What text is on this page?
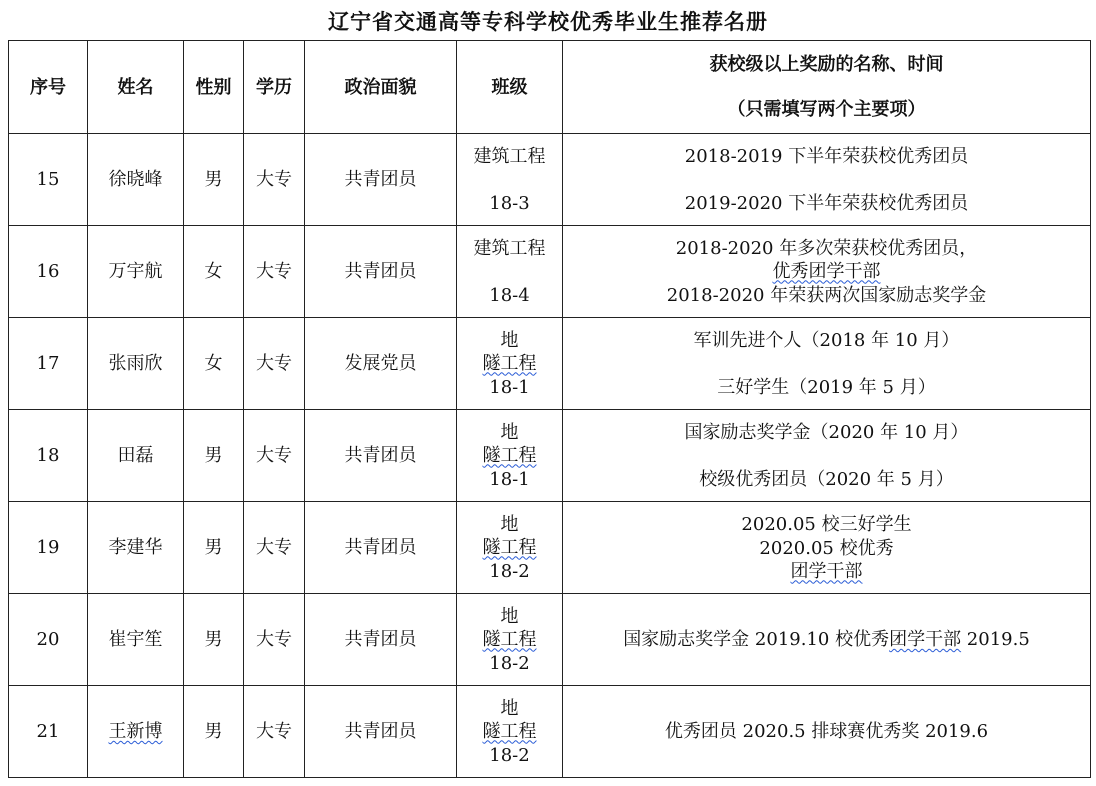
辽宁省交通高等专科学校优秀毕业生推荐名册
序号	姓名	性别	学历	政治面貌	班级	获校级以上奖励的名称、时间
（只需填写两个主要项）

15	徐晓峰	男	大专	共青团员	建筑工程
18-3	2018-2019 下半年荣获校优秀团员
2019-2020 下半年荣获校优秀团员

16	万宇航	女	大专	共青团员	建筑工程
18-4	2018-2020 年多次荣获校优秀团员，
优秀团学干部
2018-2020 年荣获两次国家励志奖学金

17	张雨欣	女	大专	发展党员	地
隧工程
18-1	军训先进个人（2018 年 10 月）
三好学生（2019 年 5 月）

18	田磊	男	大专	共青团员	地
隧工程
18-1	国家励志奖学金（2020 年 10 月）
校级优秀团员（2020 年 5 月）

19	李建华	男	大专	共青团员	地
隧工程
18-2	2020.05 校三好学生
2020.05 校优秀
团学干部

20	崔宇笙	男	大专	共青团员	地
隧工程
18-2	国家励志奖学金 2019.10 校优秀团学干部 2019.5

21	王新博	男	大专	共青团员	地
隧工程
18-2	优秀团员 2020.5 排球赛优秀奖 2019.6
